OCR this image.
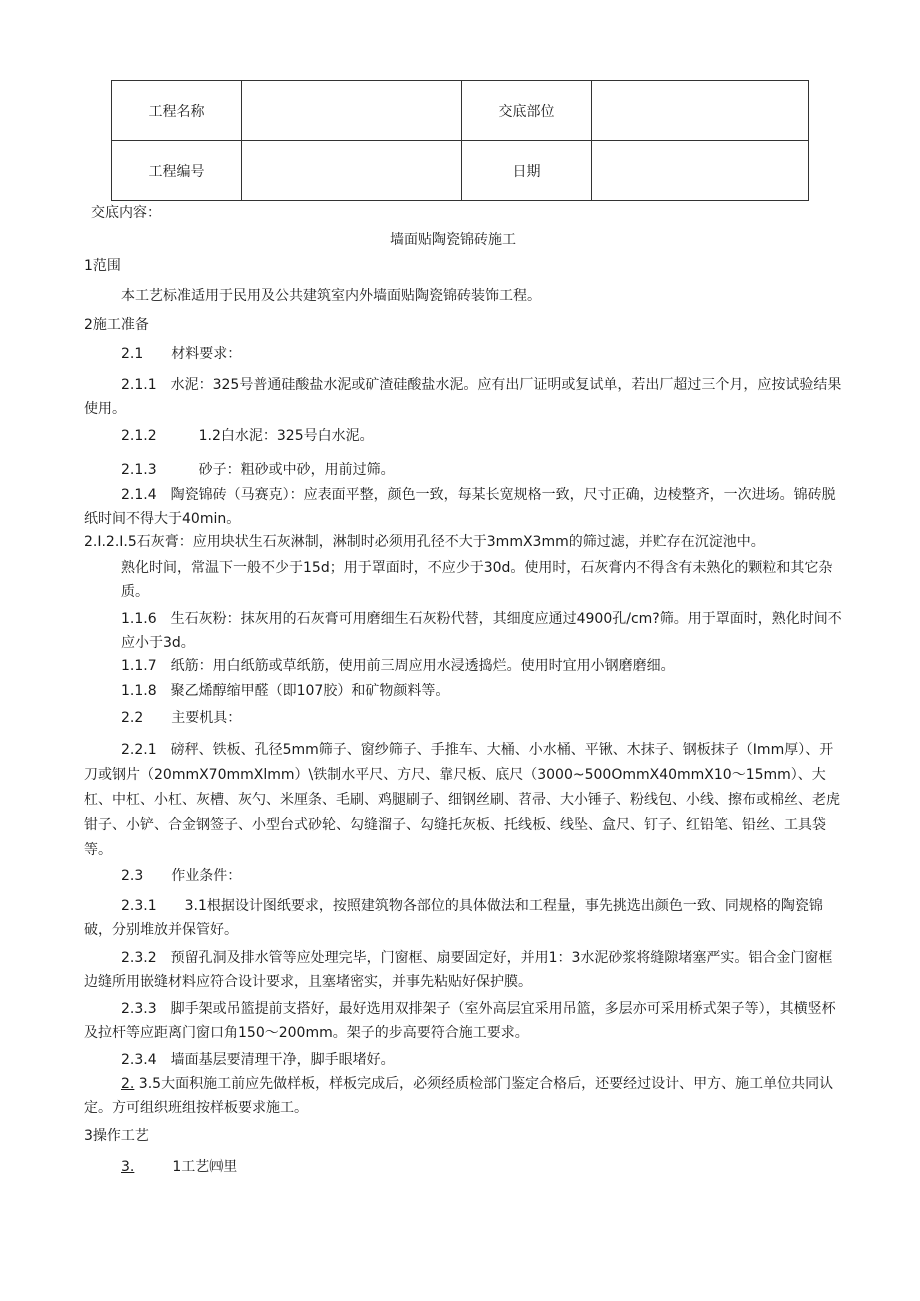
工程名称		交底部位	
工程编号		日期	
交底内容：
墙面贴陶瓷锦砖施工
1范围
本工艺标准适用于民用及公共建筑室内外墙面贴陶瓷锦砖装饰工程。
2施工准备
2.1　　材料要求：
2.1.1　水泥：325号普通硅酸盐水泥或矿渣硅酸盐水泥。应有出厂证明或复试单，若出厂超过三个月，应按试验结果使用。
2.1.2　　　1.2白水泥：325号白水泥。
2.1.3　　　砂子：粗砂或中砂，用前过筛。
2.1.4　陶瓷锦砖（马赛克）：应表面平整，颜色一致，每某长宽规格一致，尺寸正确，边棱整齐，一次进场。锦砖脱纸时间不得大于40min。
2.I.2.I.5石灰膏：应用块状生石灰淋制，淋制时必须用孔径不大于3mmX3mm的筛过滤，并贮存在沉淀池中。
熟化时间，常温下一般不少于15d；用于罩面时，不应少于30d。使用时，石灰膏内不得含有未熟化的颗粒和其它杂质。
1.1.6　生石灰粉：抹灰用的石灰膏可用磨细生石灰粉代替，其细度应通过4900孔/cm?筛。用于罩面时，熟化时间不应小于3d。
1.1.7　纸筋：用白纸筋或草纸筋，使用前三周应用水浸透捣烂。使用时宜用小钢磨磨细。
1.1.8　聚乙烯醇缩甲醛（即107胶）和矿物颜料等。
2.2　　主要机具：
2.2.1　磅秤、铁板、孔径5mm筛子、窗纱筛子、手推车、大桶、小水桶、平锹、木抹子、钢板抹子（Imm厚）、开刀或钢片（20mmX70mmXlmm）\铁制水平尺、方尺、靠尺板、底尺（3000~500OmmX40mmX10～15mm）、大杠、中杠、小杠、灰槽、灰勺、米厘条、毛刷、鸡腿刷子、细钢丝刷、苕帚、大小锤子、粉线包、小线、擦布或棉丝、老虎钳子、小铲、合金钢签子、小型台式砂轮、勾缝溜子、勾缝托灰板、托线板、线坠、盒尺、钉子、红铅笔、铅丝、工具袋等。
2.3　　作业条件：
2.3.1　　3.1根据设计图纸要求，按照建筑物各部位的具体做法和工程量，事先挑选出颜色一致、同规格的陶瓷锦破，分别堆放并保管好。
2.3.2　预留孔洞及排水管等应处理完毕，门窗框、扇要固定好，并用1：3水泥砂浆将缝隙堵塞严实。铝合金门窗框边缝所用嵌缝材料应符合设计要求，且塞堵密实，并事先粘贴好保护膜。
2.3.3　脚手架或吊篮提前支搭好，最好选用双排架子（室外高层宜采用吊篮，多层亦可采用桥式架子等），其横竖杯及拉杆等应距离门窗口角150～200mm。架子的步高要符合施工要求。
2.3.4　墙面基层要清理干净，脚手眼堵好。
2. 3.5大面积施工前应先做样板，样板完成后，必须经质检部门鉴定合格后，还要经过设计、甲方、施工单位共同认定。方可组织班组按样板要求施工。
3操作工艺
3.	1工艺㈣里
